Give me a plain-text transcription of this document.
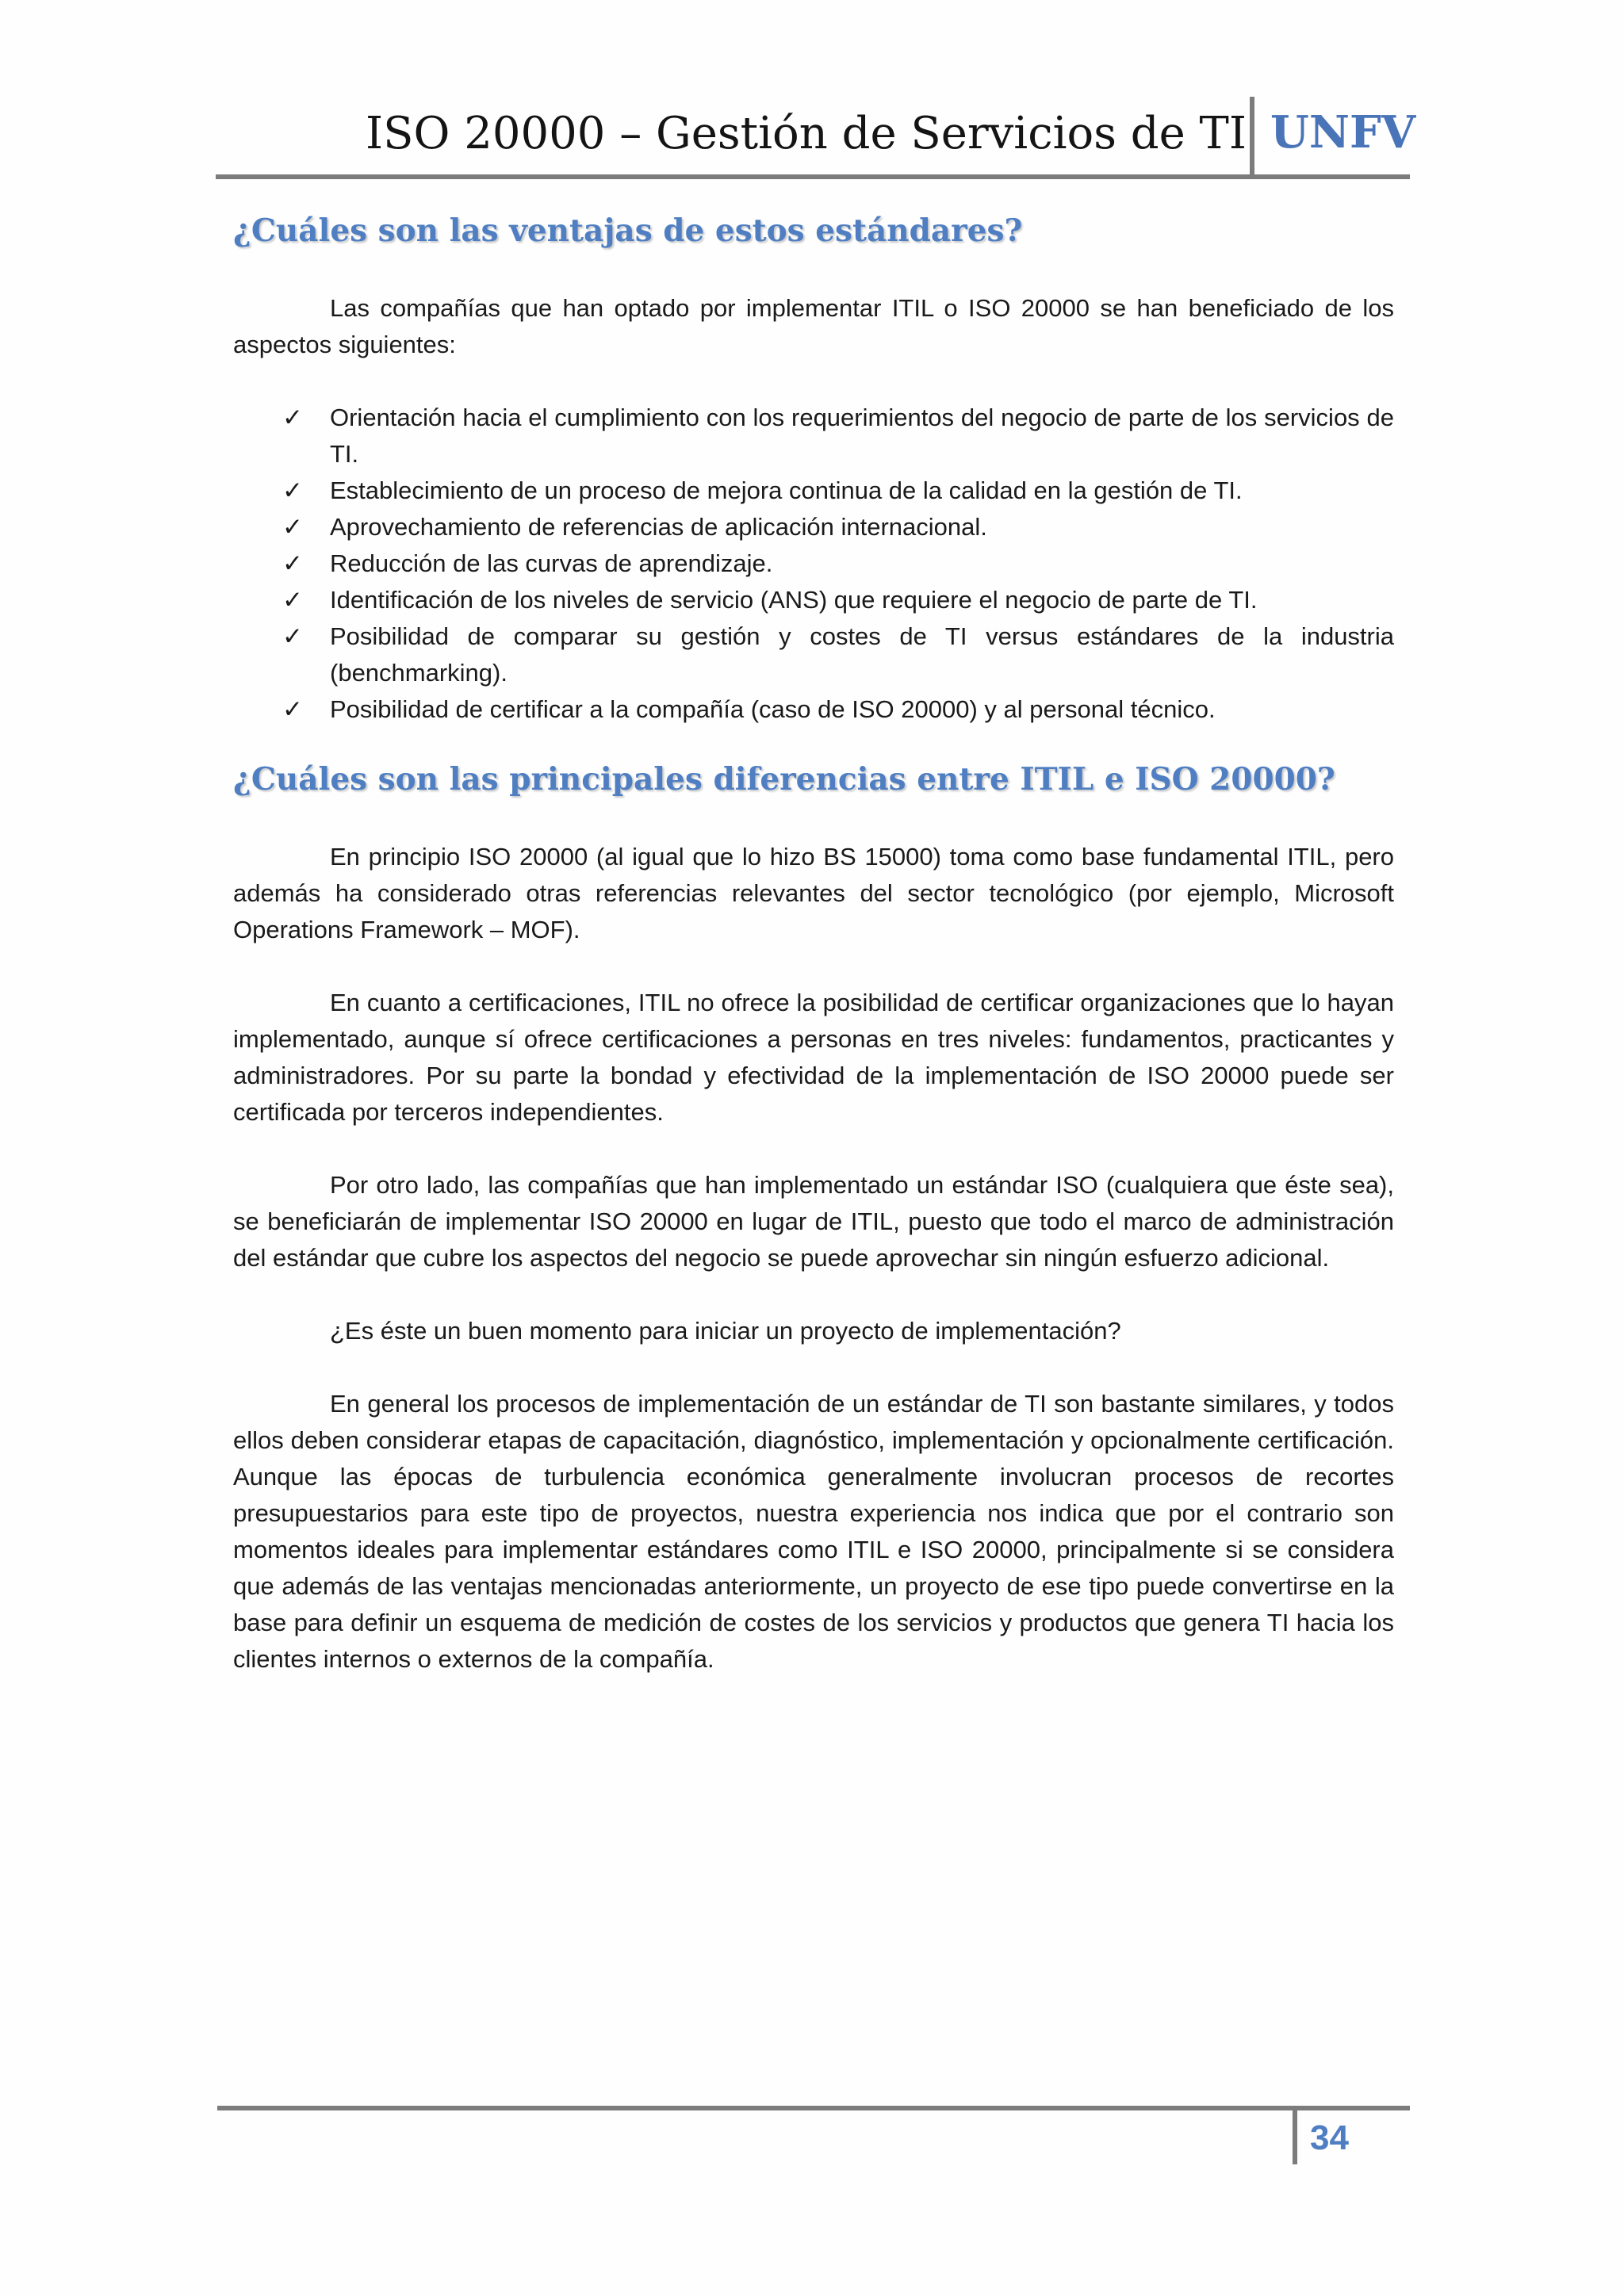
ISO 20000 – Gestión de Servicios de TI UNFV
¿Cuáles son las ventajas de estos estándares?

Las compañías que han optado por implementar ITIL o ISO 20000 se han beneficiado de los aspectos siguientes:

✓ Orientación hacia el cumplimiento con los requerimientos del negocio de parte de los servicios de TI.
✓ Establecimiento de un proceso de mejora continua de la calidad en la gestión de TI.
✓ Aprovechamiento de referencias de aplicación internacional.
✓ Reducción de las curvas de aprendizaje.
✓ Identificación de los niveles de servicio (ANS) que requiere el negocio de parte de TI.
✓ Posibilidad de comparar su gestión y costes de TI versus estándares de la industria (benchmarking).
✓ Posibilidad de certificar a la compañía (caso de ISO 20000) y al personal técnico.
¿Cuáles son las principales diferencias entre ITIL e ISO 20000?

En principio ISO 20000 (al igual que lo hizo BS 15000) toma como base fundamental ITIL, pero además ha considerado otras referencias relevantes del sector tecnológico (por ejemplo, Microsoft Operations Framework – MOF).

En cuanto a certificaciones, ITIL no ofrece la posibilidad de certificar organizaciones que lo hayan implementado, aunque sí ofrece certificaciones a personas en tres niveles: fundamentos, practicantes y administradores. Por su parte la bondad y efectividad de la implementación de ISO 20000 puede ser certificada por terceros independientes.

Por otro lado, las compañías que han implementado un estándar ISO (cualquiera que éste sea), se beneficiarán de implementar ISO 20000 en lugar de ITIL, puesto que todo el marco de administración del estándar que cubre los aspectos del negocio se puede aprovechar sin ningún esfuerzo adicional.

¿Es éste un buen momento para iniciar un proyecto de implementación?

En general los procesos de implementación de un estándar de TI son bastante similares, y todos ellos deben considerar etapas de capacitación, diagnóstico, implementación y opcionalmente certificación. Aunque las épocas de turbulencia económica generalmente involucran procesos de recortes presupuestarios para este tipo de proyectos, nuestra experiencia nos indica que por el contrario son momentos ideales para implementar estándares como ITIL e ISO 20000, principalmente si se considera que además de las ventajas mencionadas anteriormente, un proyecto de ese tipo puede convertirse en la base para definir un esquema de medición de costes de los servicios y productos que genera TI hacia los clientes internos o externos de la compañía.

34
